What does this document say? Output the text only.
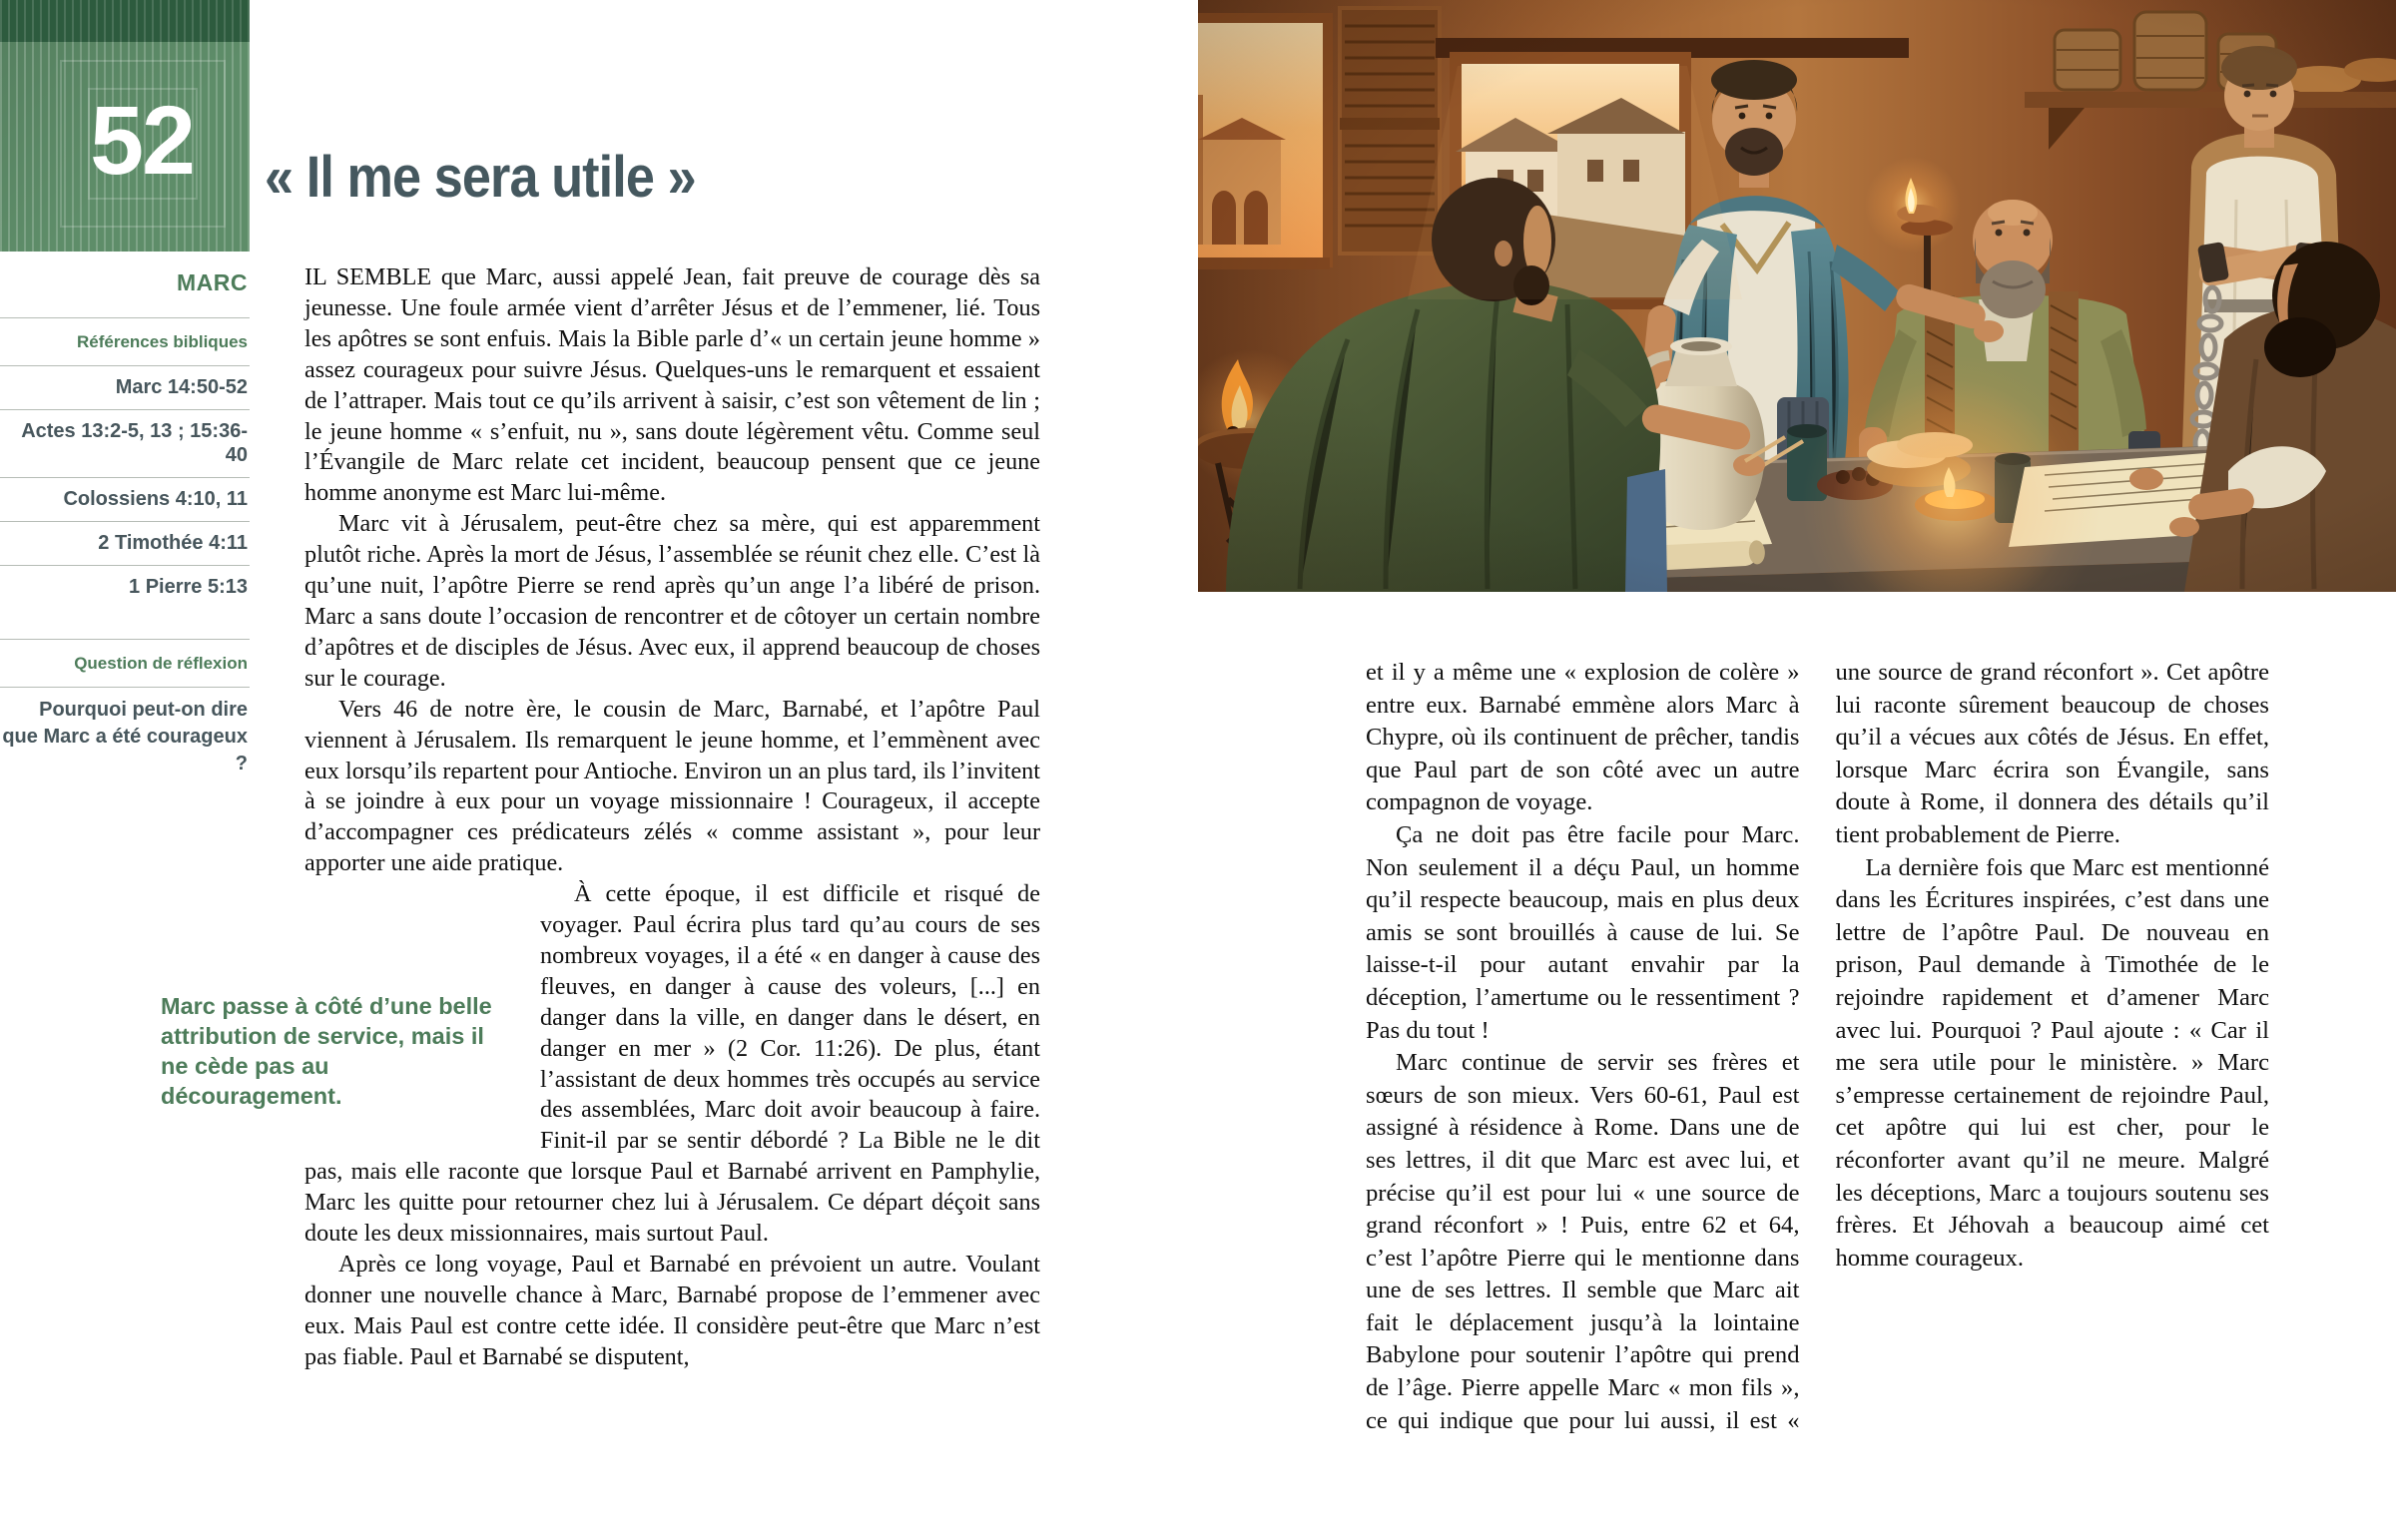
52
MARC
Références bibliques
Marc 14:50-52
Actes 13:2-5, 13 ; 15:36-40
Colossiens 4:10, 11
2 Timothée 4:11
1 Pierre 5:13
Question de réflexion
Pourquoi peut-on dire que Marc a été courageux ?
« Il me sera utile »

IL SEMBLE que Marc, aussi appelé Jean, fait preuve de courage dès sa jeunesse. Une foule armée vient d’arrêter Jésus et de l’emmener, lié. Tous les apôtres se sont enfuis. Mais la Bible parle d’« un certain jeune homme » assez courageux pour suivre Jésus. Quelques-uns le remarquent et essaient de l’attraper. Mais tout ce qu’ils arrivent à saisir, c’est son vêtement de lin ; le jeune homme « s’enfuit, nu », sans doute légèrement vêtu. Comme seul l’Évangile de Marc relate cet incident, beaucoup pensent que ce jeune homme anonyme est Marc lui-même.

Marc vit à Jérusalem, peut-être chez sa mère, qui est apparemment plutôt riche. Après la mort de Jésus, l’assemblée se réunit chez elle. C’est là qu’une nuit, l’apôtre Pierre se rend après qu’un ange l’a libéré de prison. Marc a sans doute l’occasion de rencontrer et de côtoyer un certain nombre d’apôtres et de disciples de Jésus. Avec eux, il apprend beaucoup de choses sur le courage.

Vers 46 de notre ère, le cousin de Marc, Barnabé, et l’apôtre Paul viennent à Jérusalem. Ils remarquent le jeune homme, et l’emmènent avec eux lorsqu’ils repartent pour Antioche. Environ un an plus tard, ils l’invitent à se joindre à eux pour un voyage missionnaire ! Courageux, il accepte d’accompagner ces prédicateurs zélés « comme assistant », pour leur apporter une aide pratique.

Marc passe à côté d’une belle attribution de service, mais il ne cède pas au découragement.

À cette époque, il est difficile et risqué de voyager. Paul écrira plus tard qu’au cours de ses nombreux voyages, il a été « en danger à cause des fleuves, en danger à cause des voleurs, [...] en danger dans la ville, en danger dans le désert, en danger en mer » (2 Cor. 11:26). De plus, étant l’assistant de deux hommes très occupés au service des assemblées, Marc doit avoir beaucoup à faire. Finit-il par se sentir débordé ? La Bible ne le dit pas, mais elle raconte que lorsque Paul et Barnabé arrivent en Pamphylie, Marc les quitte pour retourner chez lui à Jérusalem. Ce départ déçoit sans doute les deux missionnaires, mais surtout Paul.

Après ce long voyage, Paul et Barnabé en prévoient un autre. Voulant donner une nouvelle chance à Marc, Barnabé propose de l’emmener avec eux. Mais Paul est contre cette idée. Il considère peut-être que Marc n’est pas fiable. Paul et Barnabé se disputent,

et il y a même une « explosion de colère » entre eux. Barnabé emmène alors Marc à Chypre, où ils continuent de prêcher, tandis que Paul part de son côté avec un autre compagnon de voyage.

Ça ne doit pas être facile pour Marc. Non seulement il a déçu Paul, un homme qu’il respecte beaucoup, mais en plus deux amis se sont brouillés à cause de lui. Se laisse-t-il pour autant envahir par la déception, l’amertume ou le ressentiment ? Pas du tout !

Marc continue de servir ses frères et sœurs de son mieux. Vers 60-61, Paul est assigné à résidence à Rome. Dans une de ses lettres, il dit que Marc est avec lui, et précise qu’il est pour lui « une source de grand réconfort » ! Puis, entre 62 et 64, c’est l’apôtre Pierre qui le mentionne dans une de ses lettres. Il semble que Marc ait fait le déplacement jusqu’à la lointaine Babylone pour soutenir l’apôtre qui prend de l’âge. Pierre appelle Marc « mon fils », ce qui indique que pour lui aussi, il est « une source de grand réconfort ». Cet apôtre lui raconte sûrement beaucoup de choses qu’il a vécues aux côtés de Jésus. En effet, lorsque Marc écrira son Évangile, sans doute à Rome, il donnera des détails qu’il tient probablement de Pierre.

La dernière fois que Marc est mentionné dans les Écritures inspirées, c’est dans une lettre de l’apôtre Paul. De nouveau en prison, Paul demande à Timothée de le rejoindre rapidement et d’amener Marc avec lui. Pourquoi ? Paul ajoute : « Car il me sera utile pour le ministère. » Marc s’empresse certainement de rejoindre Paul, cet apôtre qui lui est cher, pour le réconforter avant qu’il ne meure. Malgré les déceptions, Marc a toujours soutenu ses frères. Et Jéhovah a beaucoup aimé cet homme courageux.
